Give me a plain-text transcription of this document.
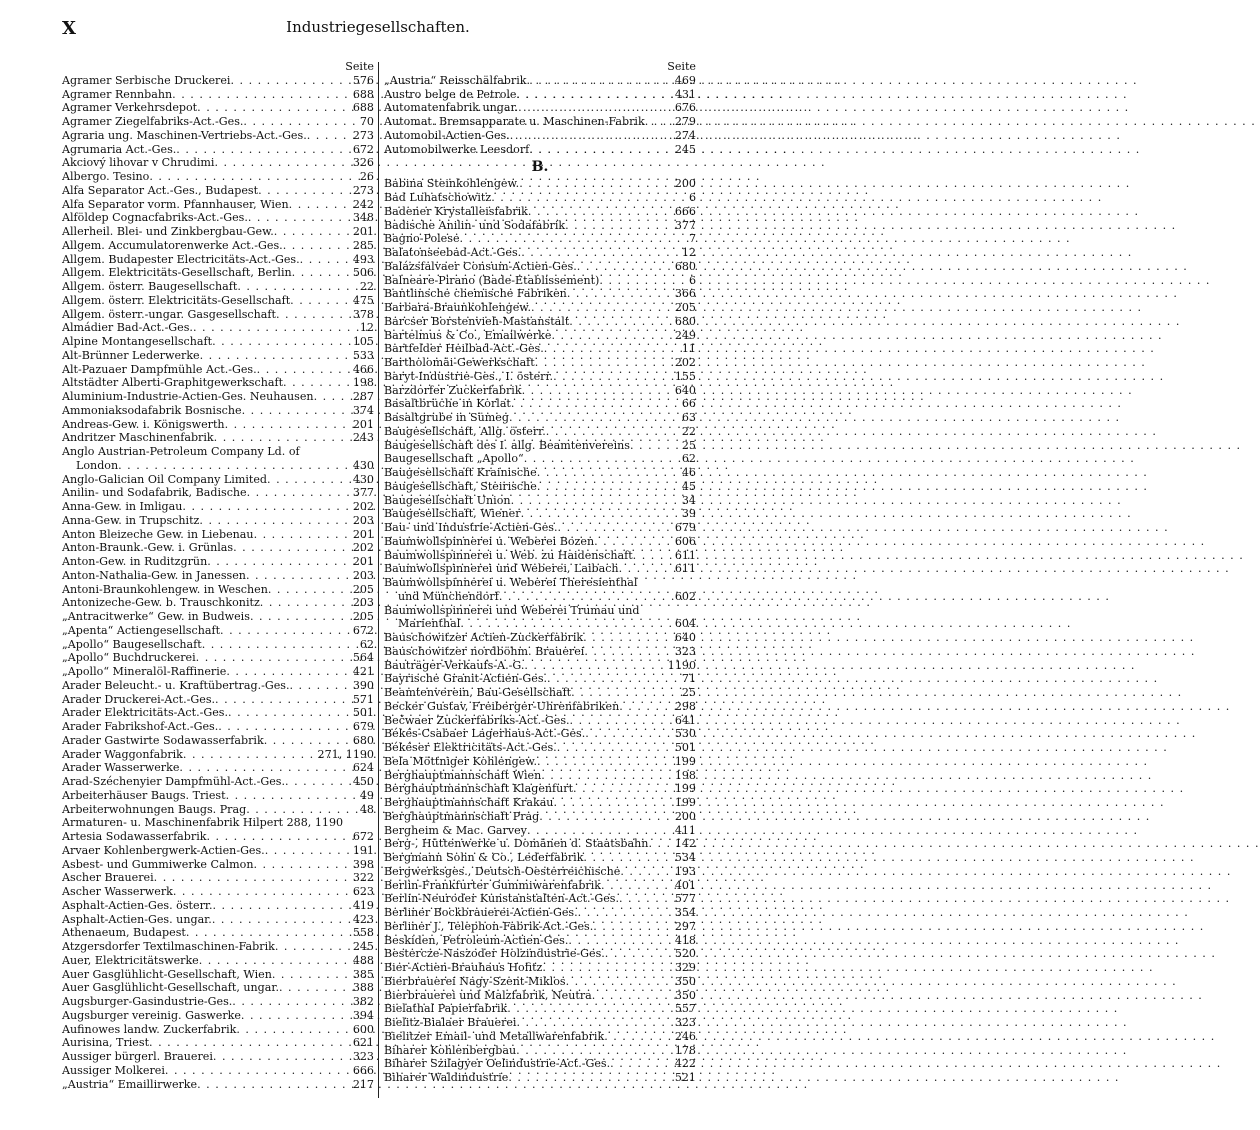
X	Industriegesellschaften.
Seite
Agramer Serbische Druckerei . . .	576
Agramer Rennbahn . . .	688
Agramer Verkehrsdepot . . .	688
Agramer Ziegelfabriks-Act.-Ges. . . .	70
Agraria ung. Maschinen-Vertriebs-Act.-Ges. . . .	273
Agrumaria Act.-Ges. . . .	672
Akciový lihovar v Chrudimi . . .	326
Albergo. Tesino . . .	26
Alfa Separator Act.-Ges., Budapest . . .	273
Alfa Separator vorm. Pfannhauser, Wien . . .	242
Alföldер Cognacfabriks-Act.-Ges. . . .	348
Allerheil. Blei- und Zinkbergbau-Gew. . . .	201
Allgem. Accumulatorenwerke Act.-Ges. . . .	285
Allgem. Budapester Electricitäts-Act.-Ges. . . .	493
Allgem. Elektricitäts-Gesellschaft, Berlin . . .	506
Allgem. österr. Baugesellschaft . . .	22
Allgem. österr. Elektricitäts-Gesellschaft . . .	475
Allgem. österr.-ungar. Gasgesellschaft . . .	378
Almádier Bad-Act.-Ges. . . .	12
Alpine Montangesellschaft . . .	105
Alt-Brünner Lederwerke . . .	533
Alt-Pazuaer Dampfmühle Act.-Ges. . . .	466
Altstädter Alberti-Graphitgewerkschaft . . .	198
Aluminium-Industrie-Actien-Ges. Neuhausen . . .	287
Ammoniaksodafabrik Bosnische . . .	374
Andreas-Gew. i. Königswerth . . .	201
Andritzer Maschinenfabrik . . .	243
Anglo Austrian-Petroleum Company Ld. of
London . . .	430
Anglo-Galician Oil Company Limited . . .	430
Anilin- und Sodafabrik, Badische . . .	377
Anna-Gew. in Imligau . . .	202
Anna-Gew. in Trupschitz . . .	203
Anton Bleizeche Gew. in Liebenau . . .	201
Anton-Braunk.-Gew. i. Grünlas . . .	202
Anton-Gew. in Ruditzgrün . . .	201
Anton-Nathalia-Gew. in Janessen . . .	203
Antoni-Braunkohlengew. in Weschen . . .	205
Antonizeche-Gew. b. Trauschkonitz . . .	203
„Antracitwerke“ Gew. in Budweis . . .	205
„Apenta“ Actiengesellschaft . . .	672
„Apollo“ Baugesellschaft . . .	62
„Apollo“ Buchdruckerei . . .	564
„Apollo“ Mineralöl-Raffinerie . . .	421
Arader Beleucht.- u. Kraftübertrag.-Ges. . . .	390
Arader Druckerei-Act.-Ges. . . .	571
Arader Elektricitäts-Act.-Ges. . . .	501
Arader Fabrikshof-Act.-Ges. . . .	679
Arader Gastwirte Sodawasserfabrik . . .	680
Arader Waggonfabrik . . .	271, 1190
Arader Wasserwerke . . .	624
Arad-Széchenyier Dampfmühl-Act.-Ges. . . .	450
Arbeiterhäuser Baugs. Triest . . .	49
Arbeiterwohnungen Baugs. Prag . . .	48
Armaturen- u. Maschinenfabrik Hilpert 288, 1190
Artesia Sodawasserfabrik . . .	672
Arvaer Kohlenbergwerk-Actien-Ges. . . .	191
Asbest- und Gummiwerke Calmon . . .	398
Ascher Brauerei . . .	322
Ascher Wasserwerk . . .	623
Asphalt-Actien-Ges. österr. . . .	419
Asphalt-Actien-Ges. ungar. . . .	423
Athenaeum, Budapest . . .	558
Atzgersdorfer Textilmaschinen-Fabrik . . .	245
Auer, Elektricitätswerke . . .	488
Auer Gasglühlicht-Gesellschaft, Wien . . .	385
Auer Gasglühlicht-Gesellschaft, ungar. . . .	388
Augsburger-Gasindustrie-Ges. . . .	382
Augsburger vereinig. Gaswerke . . .	394
Aufinowes landw. Zuckerfabrik . . .	600
Aurisina, Triest . . .	621
Aussiger bürgerl. Brauerei . . .	323
Aussiger Molkerei . . .	666
„Austria“ Emaillirwerke . . .	217
Seite
„Austria“ Reisschälfabrik . . .	469
Austro belge de Petrole . . .	431
Automatenfabrik ungar. . . .	676
Automat. Bremsapparate u. Maschinen-Fabrik . . .	279
Automobil-Actien-Ges. . . .	274
Automobilwerke Leesdorf . . .	245
B.
Babina Steinkohlengew. . . .	200
Bad Luhatschowitz . . .	6
Badener Krystalleisfabrik . . .	666
Badische Anilin- und Sodafabrik . . .	377
Bagno-Polese . . .	7
Balatonseebad-Act.-Ges. . . .	12
Balázsfalvaer Consum-Actien-Ges. . . .	680
Balneare-Pirano (Bade-Etablissement) . . .	6
Bantlinsche chemische Fabriken . . .	366
Barbara-Braunkohlengew. . . .	205
Barcser Borstenvieh-Mastanstalt . . .	680
Bartelmus & Co., Emailwerke . . .	249
Bartfelder Heilbad-Act.-Ges. . . .	11
Bartholomäi-Gewerkschaft . . .	202
Baryt-Industrie-Ges., I. österr. . . .	155
Barzdorfer Zuckerfabrik . . .	640
Basaltbrüche in Korlat . . .	66
Basaltgrube in Sümeg . . .	63
Baugesellschaft, Allg. österr. . . .	22
Baugesellschaft des I. allg. Beamtenvereins . . .	25
Baugesellschaft „Apollo“ . . .	62
Baugesellschaft Krainische . . .	46
Baugesellschaft, Steirische . . .	45
Baugesellschaft Union . . .	34
Baugesellschaft, Wiener . . .	39
Bau- und Industrie-Actien-Ges. . . .	679
Baumwollspinnerei u. Weberei Bozen . . .	606
Baumwollspinnerei u. Web. zu Haidenschaft . . .	611
Baumwollspinnerei und Weberei, Laibach . . .	611
Baumwollspinnerei u. Weberei Theresienthal
und Münchendorf . . .	602
Baumwollspinnerei und Weberei Trumau und
Marienthal . . .	604
Bauschowitzer Actien-Zuckerfabrik . . .	640
Bauschowitzer nordböhm. Brauerei . . .	323
Bauträger-Verkaufs-A.-G. . . .	1190
Bayrische Granit-Actien-Ges. . . .	71
Beamtenverein, Bau-Gesellschaft . . .	25
Becker Gustav, Freiberger-Uhrenfabriken . . .	298
Bečwaer Zuckerfabriks-Act.-Ges. . . .	641
Békés-Csabaer Lagerhaus-Act.-Ges. . . .	530
Békéser Elektricitäts-Act.-Ges. . . .	501
Bela Möttniger Kohlengew. . . .	199
Berghauptmannschaft Wien . . .	198
Berghauptmannschaft Klagenfurt . . .	199
Berghauptmannschaft Krakau . . .	199
Berghauptmannschaft Prag . . .	200
Bergheim & Mac. Garvey . . .	411
Berg-, Hüttenwerke u. Domänen d. Staatsbahn . . . 142
Bergmann Sohn & Co., Lederfabrik . . .	534
Bergwerksges., Deutsch-Oesterreichische . . .	193
Berlin-Frankfurter Gummiwarenfabrik . . .	401
Berlin-Neuroder Kunstanstalten-Act.-Ges. . . .	577
Berliner Bockbrauerei-Actien-Ges. . . .	354
Berliner J., Telephon-Fabrik-Act.-Ges. . . .	297
Beskiden, Petroleum-Actien-Ges. . . .	418
Bestercze-Naszoder Holzindustrie-Ges. . . .	520
Bier-Actien-Brauhaus Hofitz . . .	329
Bierbrauerei Nagy-Szent-Miklos . . .	350
Bierbrauerei und Malzfabrik, Neutra . . .	350
Bielathal Papierfabrik . . .	557
Bielitz-Bialaer Brauerei . . .	323
Bielitzer Email- und Metallwarenfabrik . . .	246
Biharer Kohlenbergbau . . .	178
Biharer Szilagyer Oelindustrie-Act.-Ges. . . .	422
Biharer Waldindustrie . . .	521
